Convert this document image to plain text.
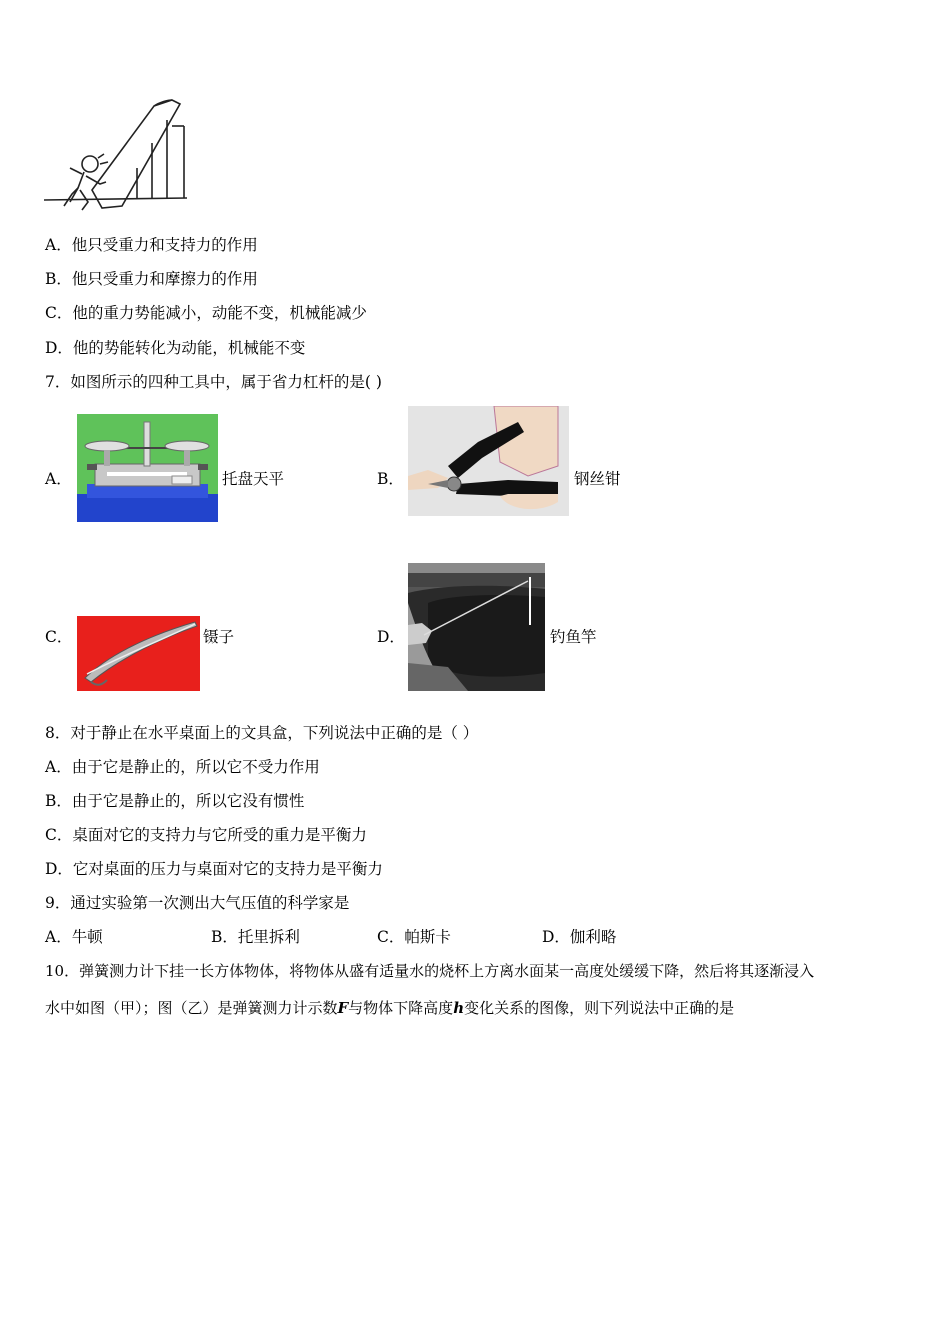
A．他只受重力和支持力的作用
B．他只受重力和摩擦力的作用
C．他的重力势能减小，动能不变，机械能减少
D．他的势能转化为动能，机械能不变
7．如图所示的四种工具中，属于省力杠杆的是( )
A．	托盘天平	B．	钢丝钳
C．	镊子	D．	钓鱼竿
8．对于静止在水平桌面上的文具盒，下列说法中正确的是（ ）
A．由于它是静止的，所以它不受力作用
B．由于它是静止的，所以它没有惯性
C．桌面对它的支持力与它所受的重力是平衡力
D．它对桌面的压力与桌面对它的支持力是平衡力
9．通过实验第一次测出大气压值的科学家是
A．牛顿	B．托里拆利	C．帕斯卡	D．伽利略
10．弹簧测力计下挂一长方体物体，将物体从盛有适量水的烧杯上方离水面某一高度处缓缓下降，然后将其逐渐浸入
水中如图（甲）；图（乙）是弹簧测力计示数F与物体下降高度h变化关系的图像，则下列说法中正确的是
